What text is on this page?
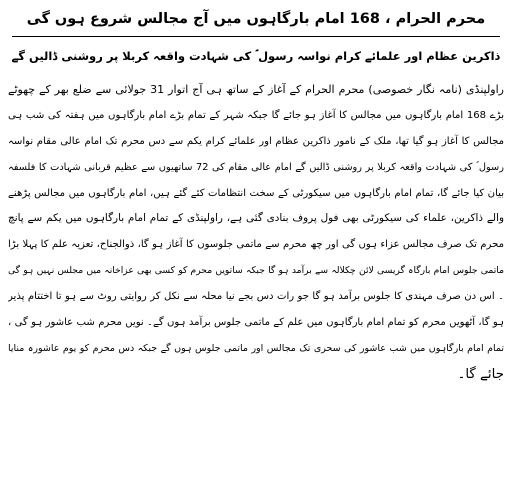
محرم الحرام ، 168 امام بارگاہوں میں آج مجالس شروع ہوں گی
ذاکرین عظام اور علمائے کرام نواسہ رسول ؐ کی شہادت واقعہ کربلا پر روشنی ڈالیں گے
راولپنڈی (نامہ نگار خصوصی) محرم الحرام کے آغاز کے ساتھ ہی آج اتوار 31 جولائی سے ضلع بھر کے چھوٹے
بڑے 168 امام بارگاہوں میں مجالس کا آغاز ہو جائے گا جبکہ شہر کے تمام بڑے امام بارگاہوں میں ہفتہ کی شب ہی
مجالس کا آغاز ہو گیا تھا، ملک کے نامور ذاکرین عظام اور علمائے کرام یکم سے دس محرم تک امام عالی مقام نواسہ
رسول ؐ کی شہادت واقعہ کربلا پر روشنی ڈالیں گے امام عالی مقام کی 72 ساتھیوں سے عظیم قربانی شہادت کا فلسفہ
بیان کیا جائے گا، تمام امام بارگاہوں میں سیکورٹی کے سخت انتظامات کئے گئے ہیں، امام بارگاہوں میں مجالس پڑھنے
والے ذاکرین، علماء کی سیکورٹی بھی فول پروف بنادی گئی ہے، راولپنڈی کے تمام امام بارگاہوں میں یکم سے پانچ
محرم تک صرف مجالس عزاء ہوں گی اور چھ محرم سے ماتمی جلوسوں کا آغاز ہو گا، ذوالجناح، تعزیہ علم کا پہلا بڑا
ماتمی جلوس امام بارگاہ گریسی لائن چکلالہ سے برآمد ہو گا جبکہ ساتویں محرم کو کسی بھی عزاخانہ میں مجلس نہیں ہو گی
۔ اس دن صرف مہندی کا جلوس برآمد ہو گا جو رات دس بجے نیا محلہ سے نکل کر روایتی روٹ سے ہو تا اختتام پذیر
ہو گا، آٹھویں محرم کو تمام امام بارگاہوں میں علم کے ماتمی جلوس برآمد ہوں گے۔ نویں محرم شب عاشور ہو گی ،
تمام امام بارگاہوں میں شب عاشور کی سحری تک مجالس اور ماتمی جلوس ہوں گے جبکہ دس محرم کو یوم عاشورہ منایا
جائے گا۔
